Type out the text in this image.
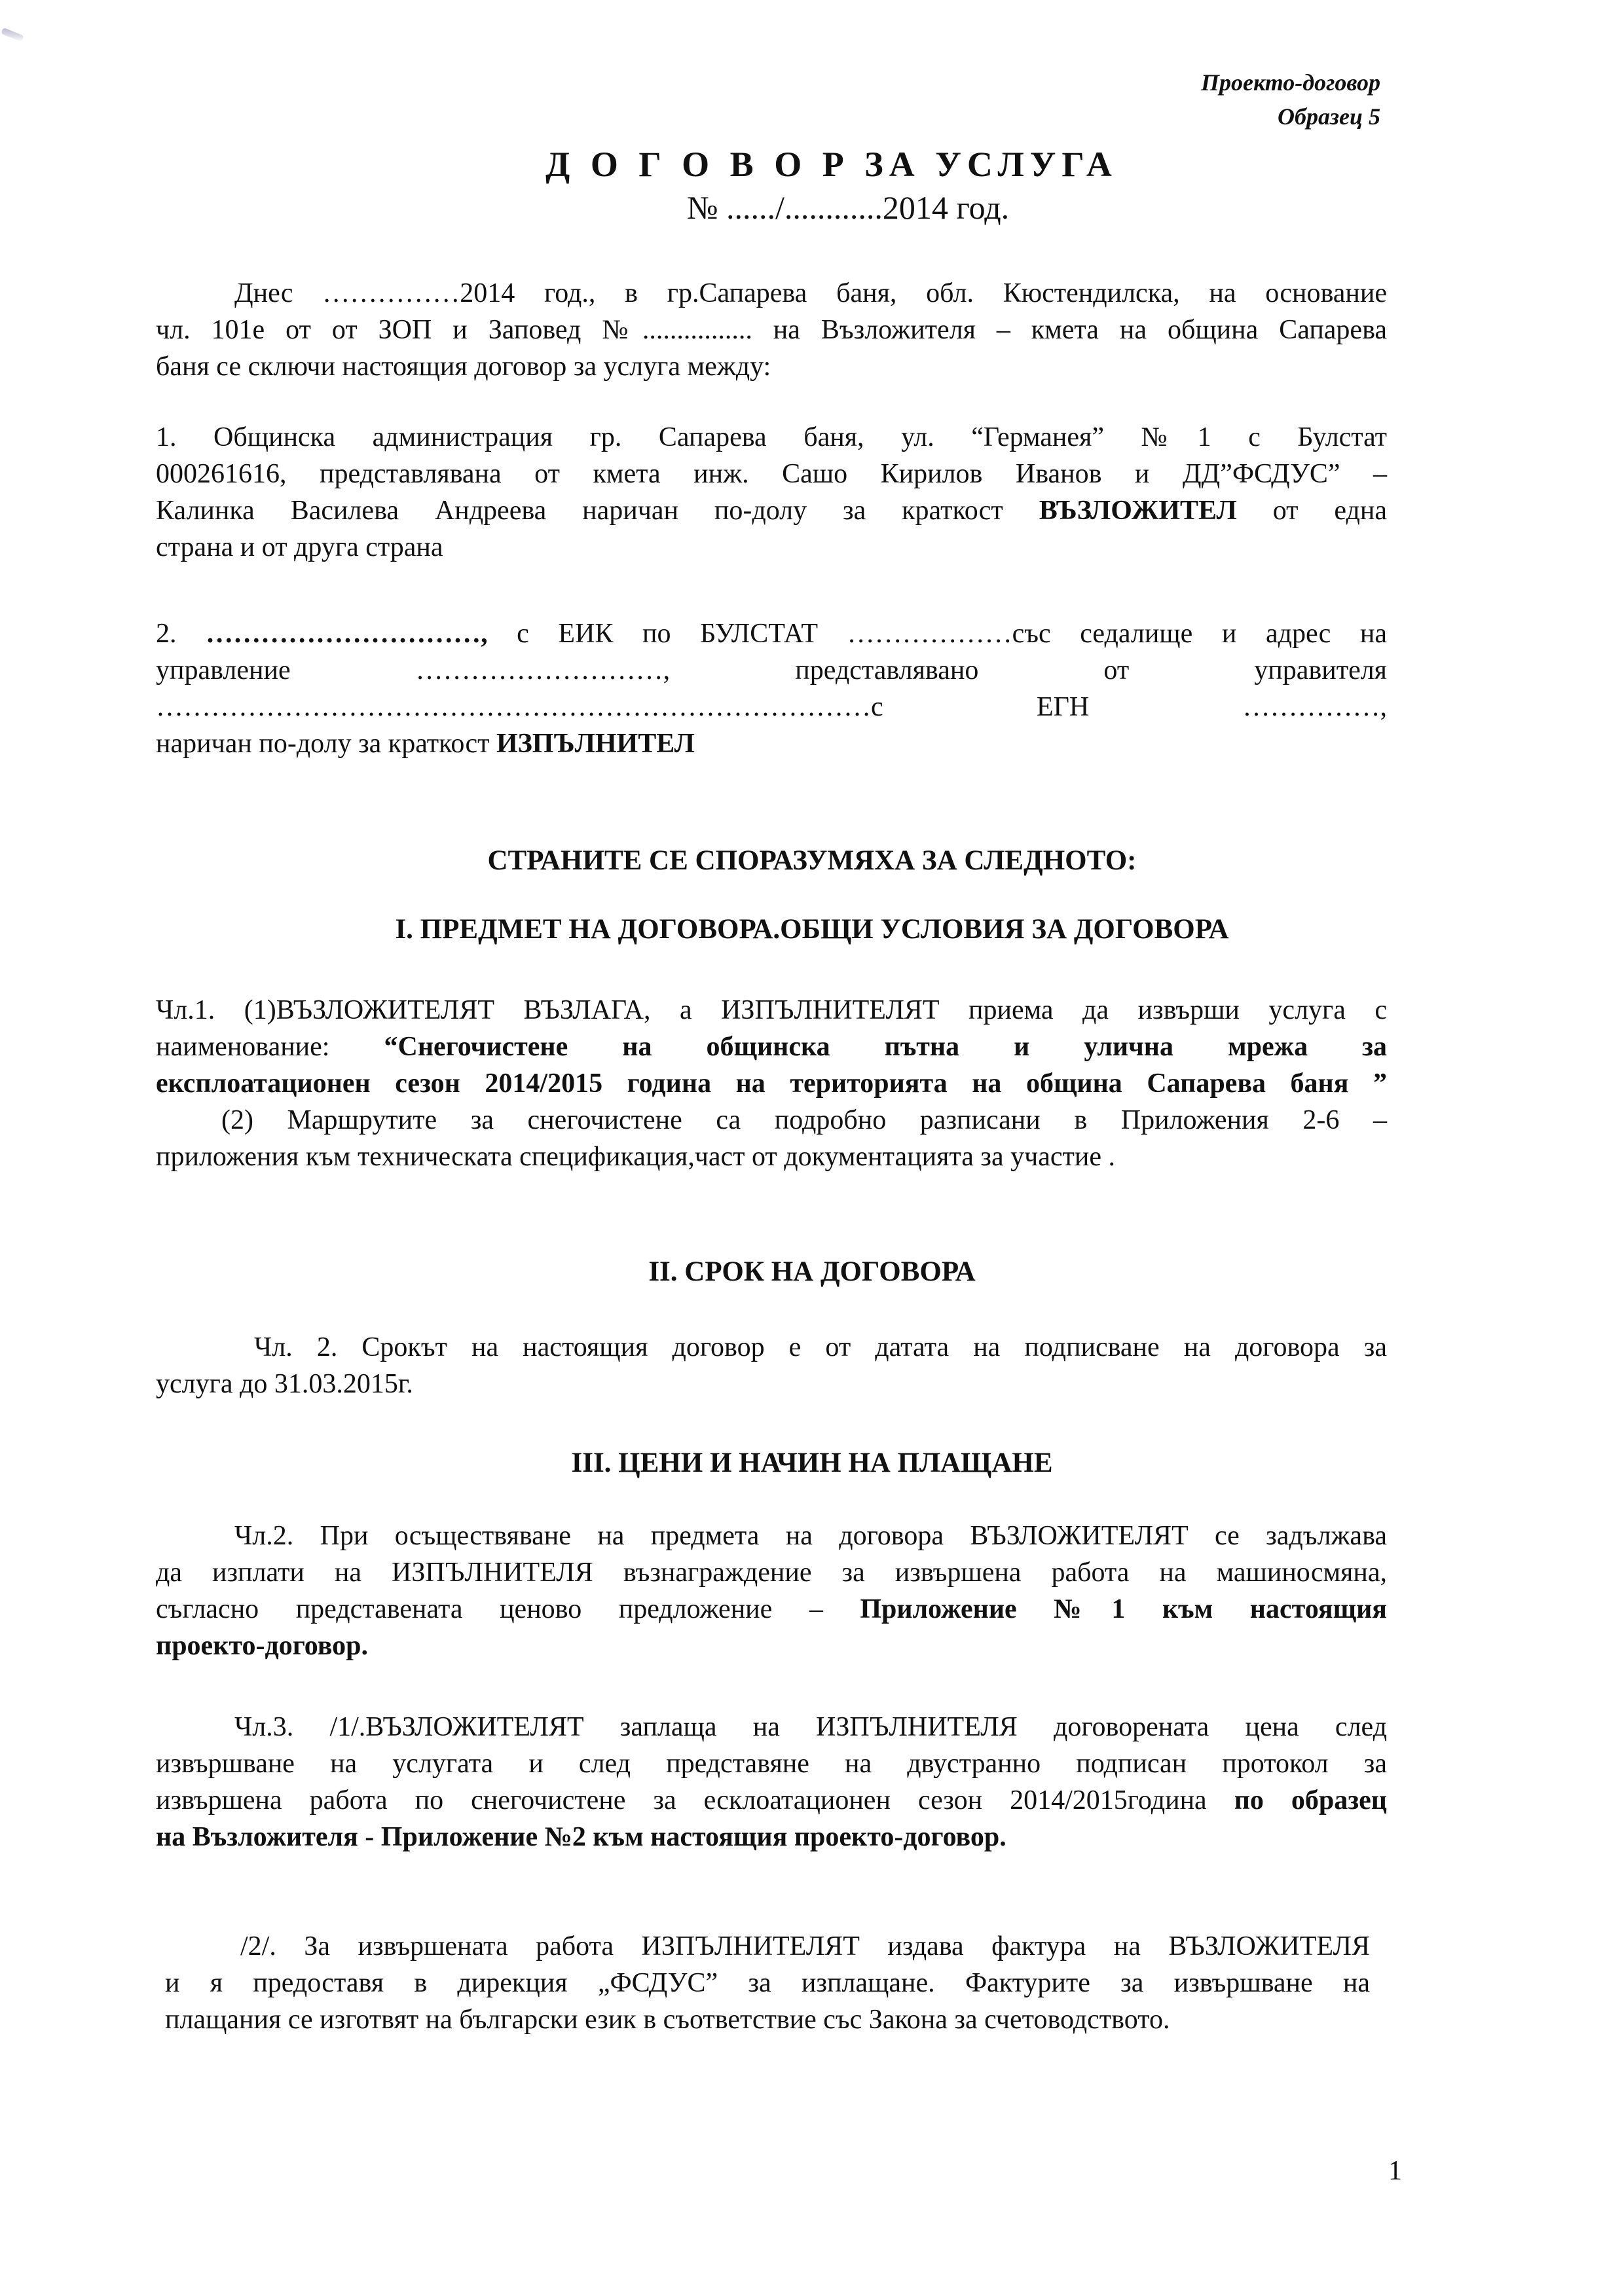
Проекто-договор
Образец 5
Д О Г О В О Р ЗА УСЛУГА
№ ....../............2014 год.
Днес ……………2014 год., в гр.Сапарева баня, обл. Кюстендилска, на основание
чл. 101е от от ЗОП и Заповед №................ на Възложителя – кмета на община Сапарева
баня се сключи настоящия договор за услуга между:
1. Общинска администрация гр. Сапарева баня, ул. “Германея” №1 с Булстат
000261616, представлявана от кмета инж. Сашо Кирилов Иванов и ДД”ФСДУС” –
Калинка Василева Андреева наричан по-долу за краткост ВЪЗЛОЖИТЕЛ от една
страна и от друга страна
2. …………………………, с ЕИК по БУЛСТАТ ………………със седалище и адрес на
управление ………………………, представлявано от управителя
……………………………………………………………………с ЕГН ……………,
наричан по-долу за краткост ИЗПЪЛНИТЕЛ
СТРАНИТЕ СЕ СПОРАЗУМЯХА ЗА СЛЕДНОТО:
I. ПРЕДМЕТ НА ДОГОВОРА.ОБЩИ УСЛОВИЯ ЗА ДОГОВОРА
Чл.1. (1)ВЪЗЛОЖИТЕЛЯТ ВЪЗЛАГА, а ИЗПЪЛНИТЕЛЯТ приема да извърши услуга с
наименование: “Снегочистене на общинска пътна и улична мрежа за
експлоатационен сезон 2014/2015 година на територията на община Сапарева баня ”
(2) Маршрутите за снегочистене са подробно разписани в Приложения 2-6 –
приложения към техническата спецификация,част от документацията за участие .
II. СРОК НА ДОГОВОРА
Чл. 2. Срокът на настоящия договор е от датата на подписване на договора за
услуга до 31.03.2015г.
III. ЦЕНИ И НАЧИН НА ПЛАЩАНЕ
Чл.2. При осъществяване на предмета на договора ВЪЗЛОЖИТЕЛЯТ се задължава
да изплати на ИЗПЪЛНИТЕЛЯ възнаграждение за извършена работа на машиносмяна,
съгласно представената ценово предложение – Приложение №1 към настоящия
проекто-договор.
Чл.3. /1/.ВЪЗЛОЖИТЕЛЯТ заплаща на ИЗПЪЛНИТЕЛЯ договорената цена след
извършване на услугата и след представяне на двустранно подписан протокол за
извършена работа по снегочистене за есклоатационен сезон 2014/2015година по образец
на Възложителя - Приложение №2 към настоящия проекто-договор.
/2/. За извършената работа ИЗПЪЛНИТЕЛЯТ издава фактура на ВЪЗЛОЖИТЕЛЯ
и я предоставя в дирекция „ФСДУС” за изплащане. Фактурите за извършване на
плащания се изготвят на български език в съответствие със Закона за счетоводството.
1
